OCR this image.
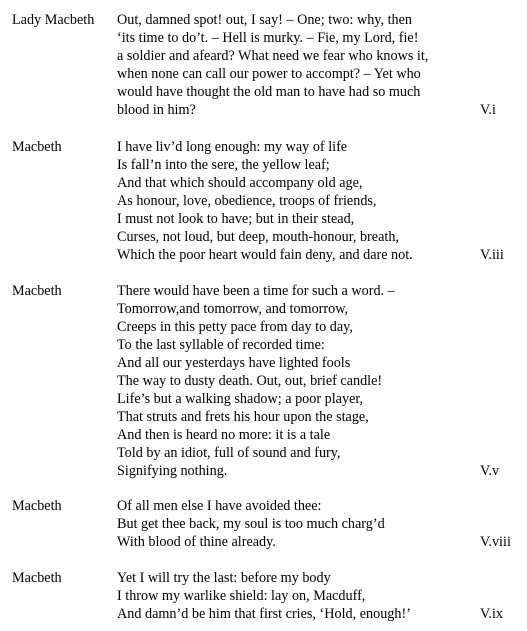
Lady Macbeth Out, damned spot! out, I say! – One; two: why, then
‘its time to do’t. – Hell is murky. – Fie, my Lord, fie!
a soldier and afeard? What need we fear who knows it,
when none can call our power to accompt? – Yet who
would have thought the old man to have had so much
blood in him?	V.i
Macbeth	I have liv’d long enough: my way of life
Is fall’n into the sere, the yellow leaf;
And that which should accompany old age,
As honour, love, obedience, troops of friends,
I must not look to have; but in their stead,
Curses, not loud, but deep, mouth-honour, breath,
Which the poor heart would fain deny, and dare not.	V.iii
Macbeth	There would have been a time for such a word. –
Tomorrow,and tomorrow, and tomorrow,
Creeps in this petty pace from day to day,
To the last syllable of recorded time:
And all our yesterdays have lighted fools
The way to dusty death. Out, out, brief candle!
Life’s but a walking shadow; a poor player,
That struts and frets his hour upon the stage,
And then is heard no more: it is a tale
Told by an idiot, full of sound and fury,
Signifying nothing.	V.v
Macbeth	Of all men else I have avoided thee:
But get thee back, my soul is too much charg’d
With blood of thine already.	V.viii
Macbeth	Yet I will try the last: before my body
I throw my warlike shield: lay on, Macduff,
And damn’d be him that first cries, ‘Hold, enough!’	V.ix
